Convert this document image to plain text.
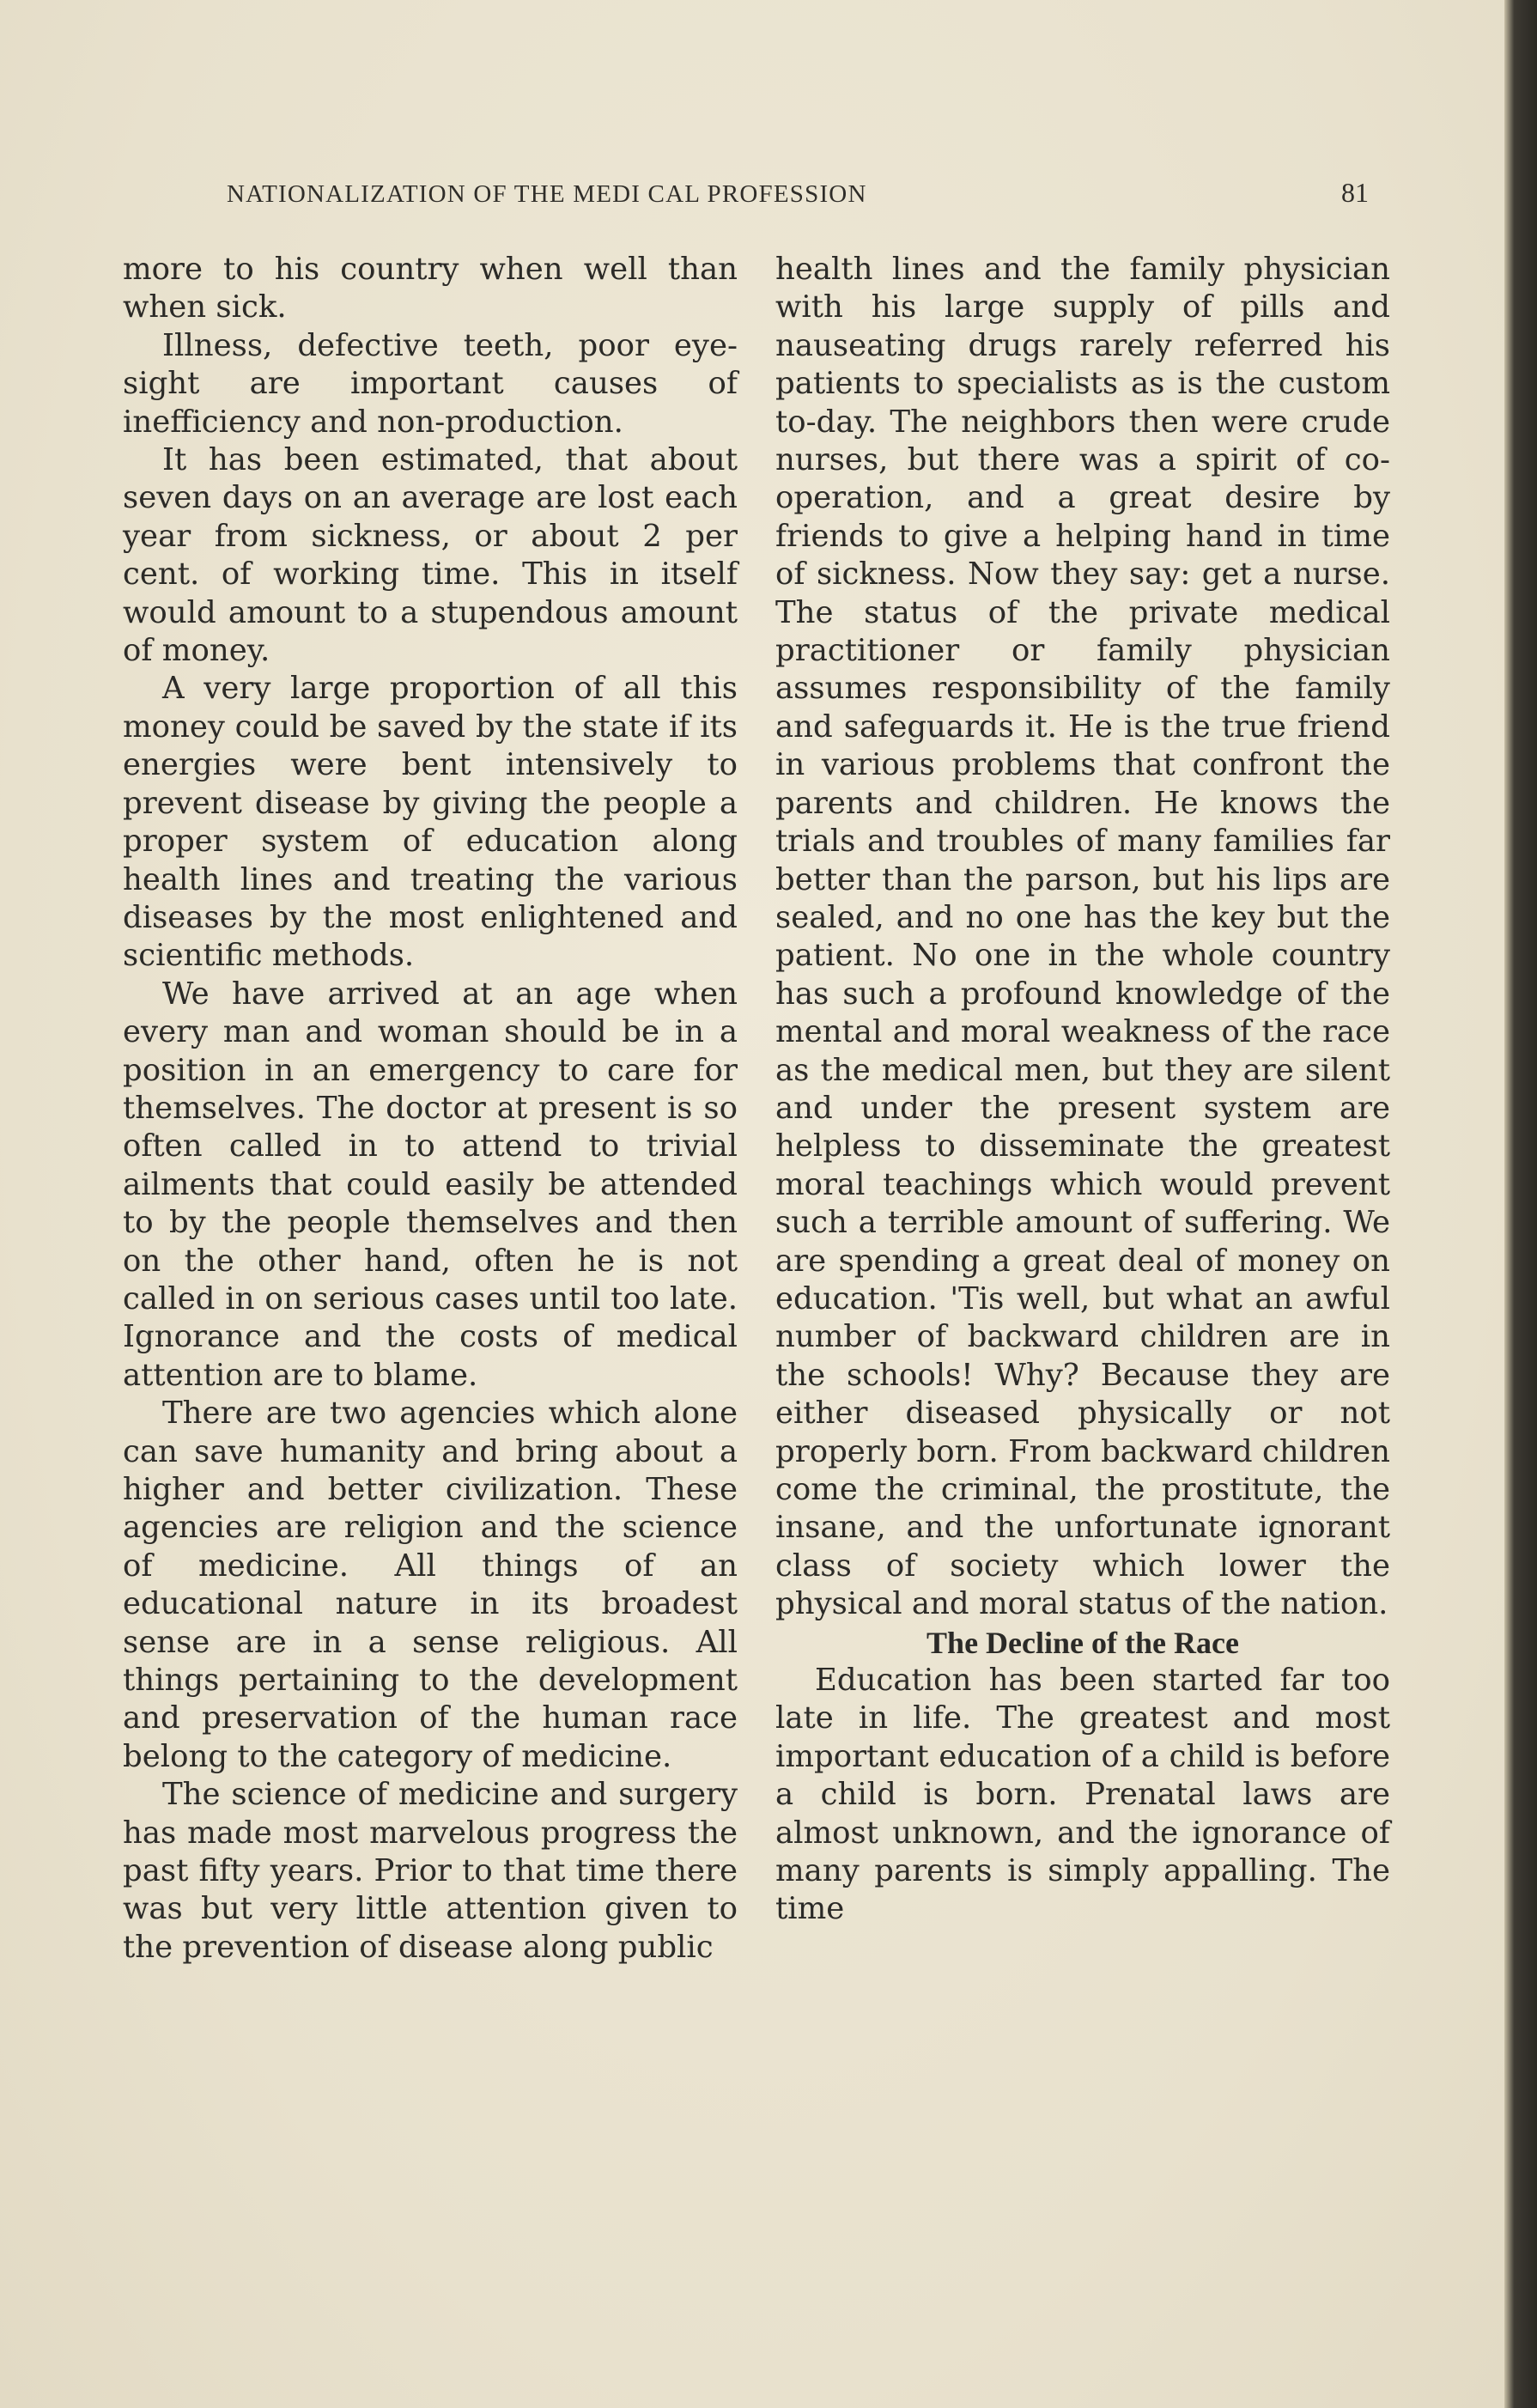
NATIONALIZATION OF THE MEDI CAL PROFESSION	81

more to his country when well than when sick.

Illness, defective teeth, poor eye-sight are important causes of inefficiency and non-production.

It has been estimated, that about seven days on an average are lost each year from sickness, or about 2 per cent. of working time. This in itself would amount to a stupendous amount of money.

A very large proportion of all this money could be saved by the state if its energies were bent intensively to prevent disease by giving the people a proper system of education along health lines and treating the various diseases by the most enlightened and scientific methods.

We have arrived at an age when every man and woman should be in a position in an emergency to care for themselves. The doctor at present is so often called in to attend to trivial ailments that could easily be attended to by the people themselves and then on the other hand, often he is not called in on serious cases until too late. Ignorance and the costs of medical attention are to blame.

There are two agencies which alone can save humanity and bring about a higher and better civilization. These agencies are religion and the science of medicine. All things of an educational nature in its broadest sense are in a sense religious. All things pertaining to the development and preservation of the human race belong to the category of medicine.

The science of medicine and surgery has made most marvelous progress the past fifty years. Prior to that time there was but very little attention given to the prevention of disease along public

health lines and the family physician with his large supply of pills and nauseating drugs rarely referred his patients to specialists as is the custom to-day. The neighbors then were crude nurses, but there was a spirit of co-operation, and a great desire by friends to give a helping hand in time of sickness. Now they say: get a nurse. The status of the private medical practitioner or family physician assumes responsibility of the family and safeguards it. He is the true friend in various problems that confront the parents and children. He knows the trials and troubles of many families far better than the parson, but his lips are sealed, and no one has the key but the patient. No one in the whole country has such a profound knowledge of the mental and moral weakness of the race as the medical men, but they are silent and under the present system are helpless to disseminate the greatest moral teachings which would prevent such a terrible amount of suffering. We are spending a great deal of money on education. 'Tis well, but what an awful number of backward children are in the schools! Why? Because they are either diseased physically or not properly born. From backward children come the criminal, the prostitute, the insane, and the unfortunate ignorant class of society which lower the physical and moral status of the nation.

The Decline of the Race

Education has been started far too late in life. The greatest and most important education of a child is before a child is born. Prenatal laws are almost unknown, and the ignorance of many parents is simply appalling. The time
